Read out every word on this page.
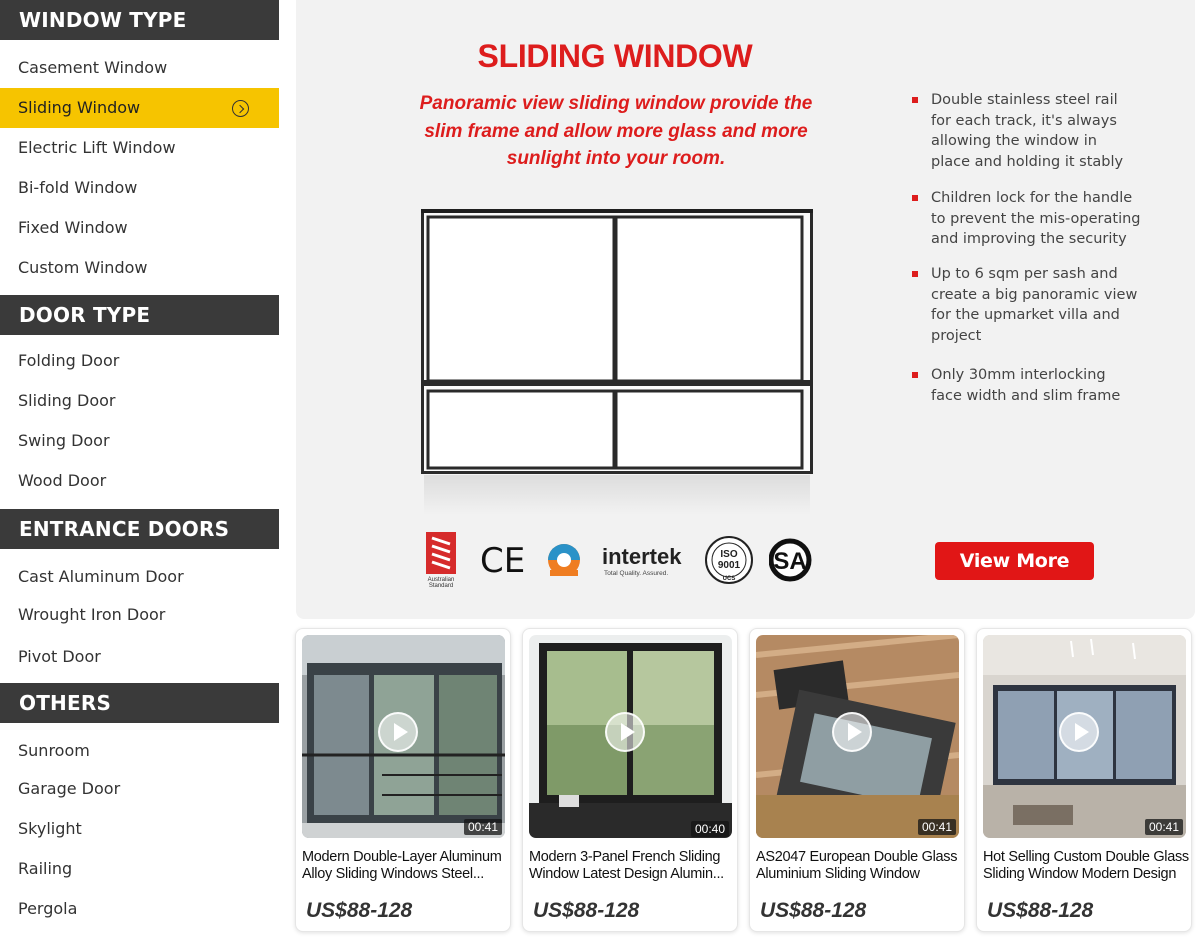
WINDOW TYPE
Casement Window
Sliding Window
Electric Lift Window
Bi-fold Window
Fixed Window
Custom Window
DOOR TYPE
Folding Door
Sliding Door
Swing Door
Wood Door
ENTRANCE DOORS
Cast Aluminum Door
Wrought Iron Door
Pivot Door
OTHERS
Sunroom
Garage Door
Skylight
Railing
Pergola
SLIDING WINDOW
Panoramic view sliding window provide the
slim frame and allow more glass and more
sunlight into your room.
Double stainless steel rail
for each track, it's always
allowing the window in
place and holding it stably
Children lock for the handle
to prevent the mis-operating
and improving the security
Up to 6 sqm per sash and
create a big panoramic view
for the upmarket villa and
project
Only 30mm interlocking
face width and slim frame
Australian
Standard
CE	intertek
Total Quality. Assured.
ISO
9001
UCS
SA	View More
00:41
Modern Double-Layer Aluminum
Alloy Sliding Windows Steel...
US$88-128
00:40
Modern 3-Panel French Sliding
Window Latest Design Alumin...
US$88-128
00:41
AS2047 European Double Glass
Aluminium Sliding Window
US$88-128
00:41
Hot Selling Custom Double Glass
Sliding Window Modern Design
US$88-128
